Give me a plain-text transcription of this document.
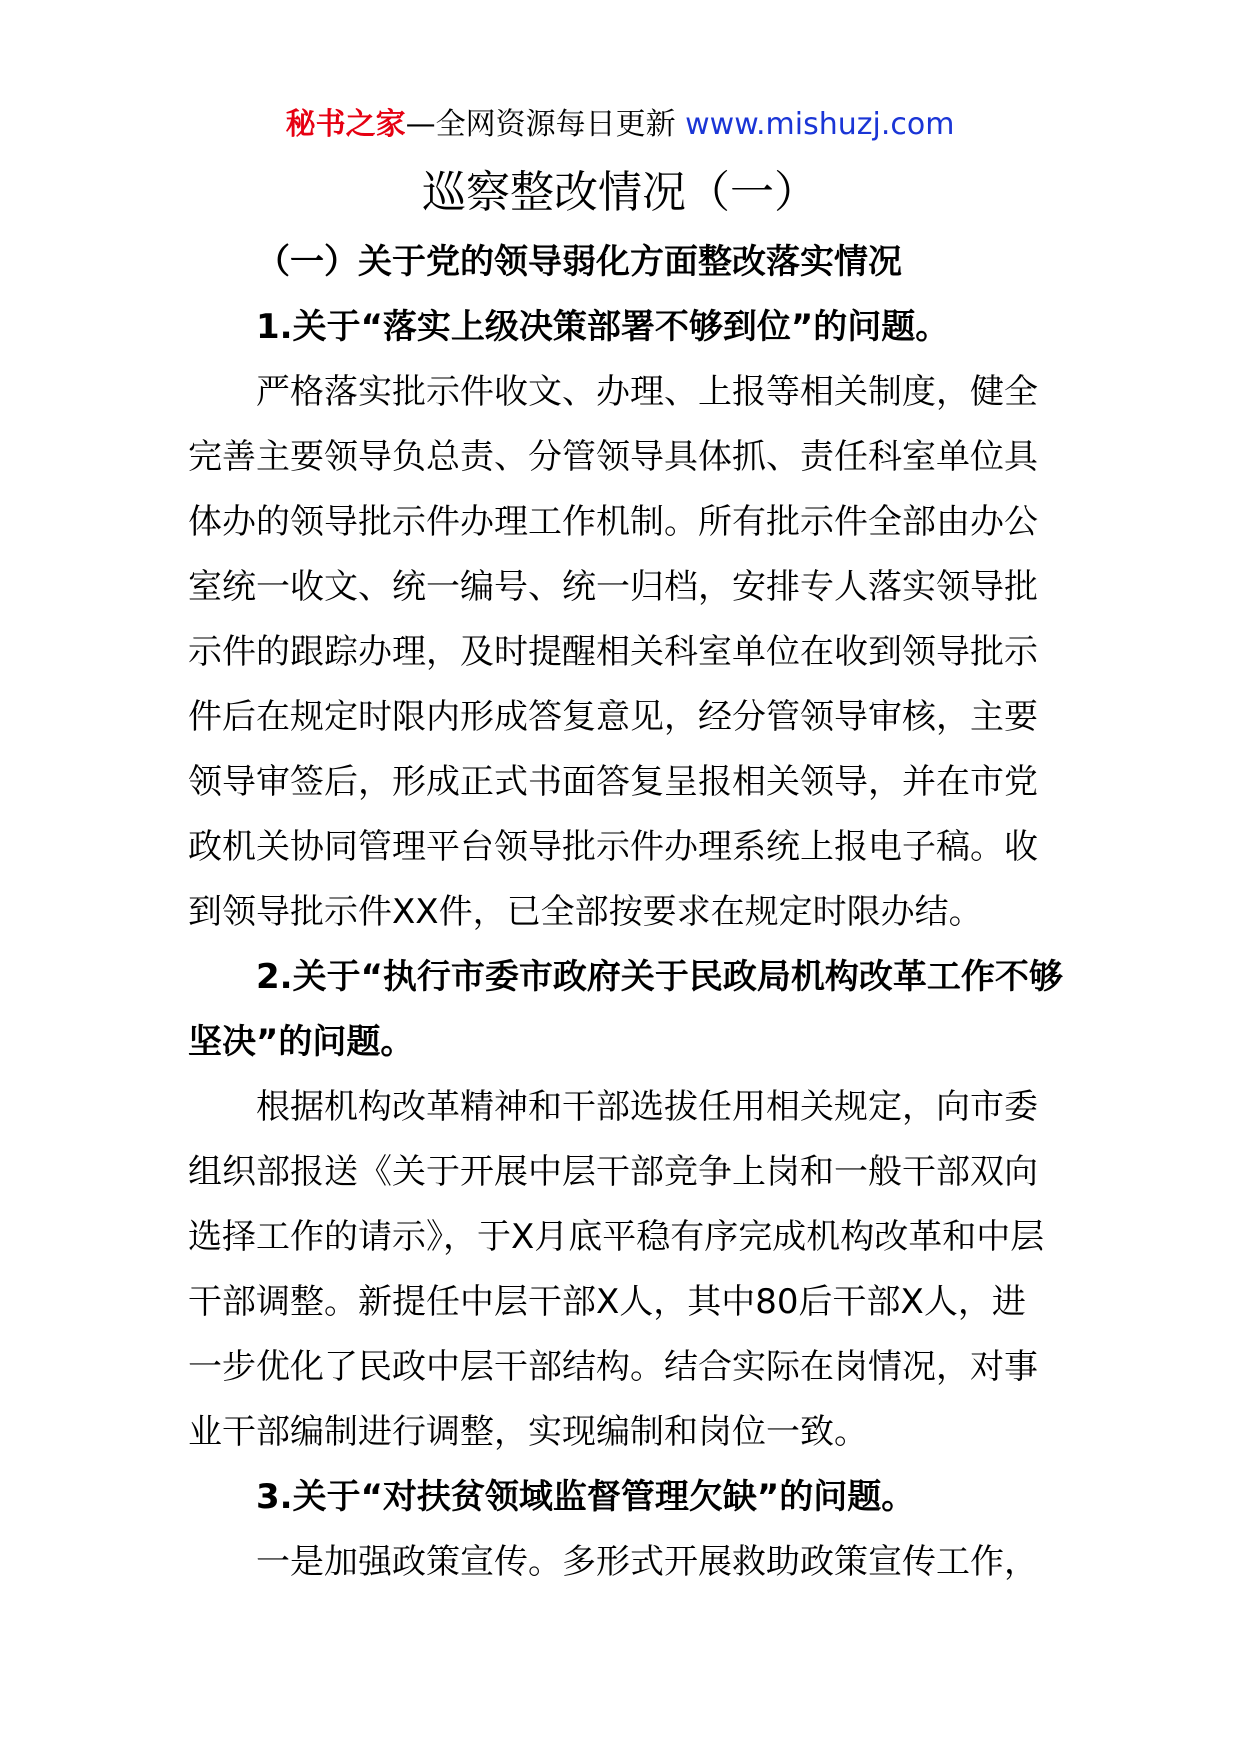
秘书之家—全网资源每日更新 www.mishuzj.com
巡察整改情况（一）
（一）关于党的领导弱化方面整改落实情况
1.关于“落实上级决策部署不够到位”的问题。
严格落实批示件收文、办理、上报等相关制度，健全
完善主要领导负总责、分管领导具体抓、责任科室单位具
体办的领导批示件办理工作机制。所有批示件全部由办公
室统一收文、统一编号、统一归档，安排专人落实领导批
示件的跟踪办理，及时提醒相关科室单位在收到领导批示
件后在规定时限内形成答复意见，经分管领导审核，主要
领导审签后，形成正式书面答复呈报相关领导，并在市党
政机关协同管理平台领导批示件办理系统上报电子稿。收
到领导批示件XX件，已全部按要求在规定时限办结。
2.关于“执行市委市政府关于民政局机构改革工作不够
坚决”的问题。
根据机构改革精神和干部选拔任用相关规定，向市委
组织部报送《关于开展中层干部竞争上岗和一般干部双向
选择工作的请示》，于X月底平稳有序完成机构改革和中层
干部调整。新提任中层干部X人，其中80后干部X人，进
一步优化了民政中层干部结构。结合实际在岗情况，对事
业干部编制进行调整，实现编制和岗位一致。
3.关于“对扶贫领域监督管理欠缺”的问题。
一是加强政策宣传。多形式开展救助政策宣传工作，
